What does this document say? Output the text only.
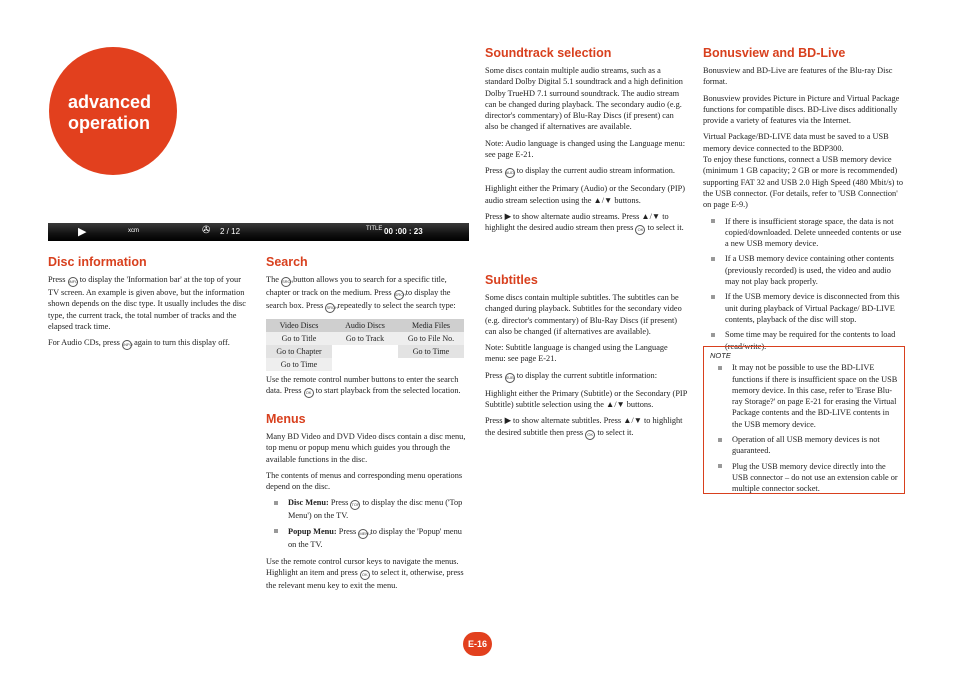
advanced operation
▶	xcm	✇ 2 / 12	TITLE 00 :00 : 23
Disc information

Press INFO to display the 'Information bar' at the top of your TV screen. An example is given above, but the information shown depends on the disc type. It usually includes the disc type, the current track, the total number of tracks and the elapsed track time.

For Audio CDs, press INFO again to turn this display off.

Search

The SRCH button allows you to search for a specific title, chapter or track on the medium. Press SRCH to display the search box. Press SRCH repeatedly to select the search type:

Video Discs	Audio Discs	Media Files
Go to Title	Go to Track	Go to File No.
Go to Chapter		Go to Time
Go to Time		

Use the remote control number buttons to enter the search data. Press OK to start playback from the selected location.

Menus

Many BD Video and DVD Video discs contain a disc menu, top menu or popup menu which guides you through the available functions in the disc.

The contents of menus and corresponding menu operations depend on the disc.

Disc Menu: Press TOP to display the disc menu ('Top Menu') on the TV.
Popup Menu: Press MENU to display the 'Popup' menu on the TV.

Use the remote control cursor keys to navigate the menus. Highlight an item and press OK to select it, otherwise, press the relevant menu key to exit the menu.

Soundtrack selection

Some discs contain multiple audio streams, such as a standard Dolby Digital 5.1 soundtrack and a high definition Dolby TrueHD 7.1 surround soundtrack. The audio stream can be changed during playback. The secondary audio (e.g. director's commentary) of Blu-Ray Discs (if present) can also be changed if alternatives are available.

Note: Audio language is changed using the Language menu: see page E-21.

Press AUD to display the current audio stream information.

Highlight either the Primary (Audio) or the Secondary (PIP) audio stream selection using the ▲/▼ buttons.

Press ▶ to show alternate audio streams. Press ▲/▼ to highlight the desired audio stream then press OK to select it.

Subtitles

Some discs contain multiple subtitles. The subtitles can be changed during playback. Subtitles for the secondary video (e.g. director's commentary) of Blu-Ray Discs (if present) can also be changed (if alternatives are available).

Note: Subtitle language is changed using the Language menu: see page E-21.

Press SUB to display the current subtitle information:

Highlight either the Primary (Subtitle) or the Secondary (PIP Subtitle) subtitle selection using the ▲/▼ buttons.

Press ▶ to show alternate subtitles. Press ▲/▼ to highlight the desired subtitle then press OK to select it.

Bonusview and BD-Live

Bonusview and BD-Live are features of the Blu-ray Disc format.

Bonusview provides Picture in Picture and Virtual Package functions for compatible discs. BD-Live discs additionally provide a variety of features via the Internet.

Virtual Package/BD-LIVE data must be saved to a USB memory device connected to the BDP300.

To enjoy these functions, connect a USB memory device (minimum 1 GB capacity; 2 GB or more is recommended) supporting FAT 32 and USB 2.0 High Speed (480 Mbit/s) to the USB connector. (For details, refer to 'USB Connection' on page E-9.)

If there is insufficient storage space, the data is not copied/downloaded. Delete unneeded contents or use a new USB memory device.
If a USB memory device containing other contents (previously recorded) is used, the video and audio may not play back properly.
If the USB memory device is disconnected from this unit during playback of Virtual Package/ BD-LIVE contents, playback of the disc will stop.
Some time may be required for the contents to load (read/write).
NOTE
It may not be possible to use the BD-LIVE functions if there is insufficient space on the USB memory device. In this case, refer to 'Erase Blu-ray Storage?' on page E-21 for erasing the Virtual Package contents and the BD-LIVE contents in the USB memory device.
Operation of all USB memory devices is not guaranteed.
Plug the USB memory device directly into the USB connector – do not use an extension cable or multiple connector socket.
E-16
